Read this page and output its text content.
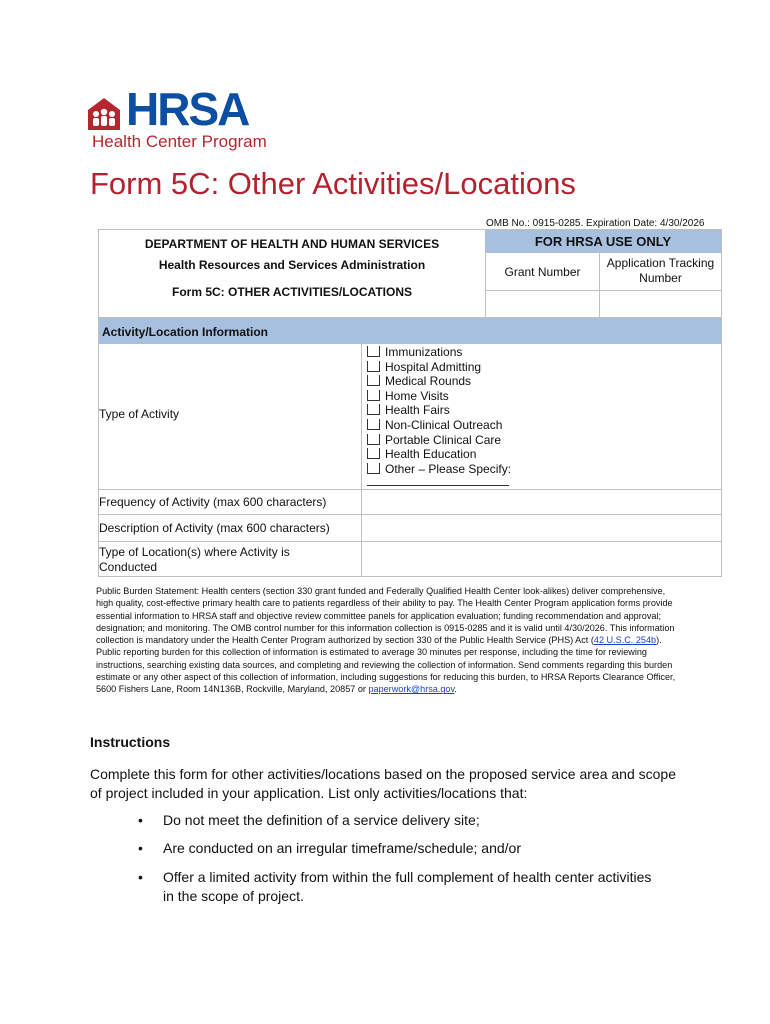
HRSA
Health Center Program
Form 5C: Other Activities/Locations
OMB No.: 0915-0285. Expiration Date: 4/30/2026
DEPARTMENT OF HEALTH AND HUMAN SERVICES
Health Resources and Services Administration
Form 5C: OTHER ACTIVITIES/LOCATIONS
FOR HRSA USE ONLY
Grant Number
Application Tracking
Number
Activity/Location Information
Type of Activity
Immunizations
Hospital Admitting
Medical Rounds
Home Visits
Health Fairs
Non-Clinical Outreach
Portable Clinical Care
Health Education
Other – Please Specify:
Frequency of Activity (max 600 characters)
Description of Activity (max 600 characters)
Type of Location(s) where Activity is
Conducted
Public Burden Statement: Health centers (section 330 grant funded and Federally Qualified Health Center look-alikes) deliver comprehensive, high quality, cost-effective primary health care to patients regardless of their ability to pay. The Health Center Program application forms provide essential information to HRSA staff and objective review committee panels for application evaluation; funding recommendation and approval; designation; and monitoring. The OMB control number for this information collection is 0915-0285 and it is valid until 4/30/2026. This information collection is mandatory under the Health Center Program authorized by section 330 of the Public Health Service (PHS) Act (42 U.S.C. 254b). Public reporting burden for this collection of information is estimated to average 30 minutes per response, including the time for reviewing instructions, searching existing data sources, and completing and reviewing the collection of information. Send comments regarding this burden estimate or any other aspect of this collection of information, including suggestions for reducing this burden, to HRSA Reports Clearance Officer, 5600 Fishers Lane, Room 14N136B, Rockville, Maryland, 20857 or paperwork@hrsa.gov.
Instructions
Complete this form for other activities/locations based on the proposed service area and scope of project included in your application. List only activities/locations that:
• Do not meet the definition of a service delivery site;
• Are conducted on an irregular timeframe/schedule; and/or
• Offer a limited activity from within the full complement of health center activities in the scope of project.
